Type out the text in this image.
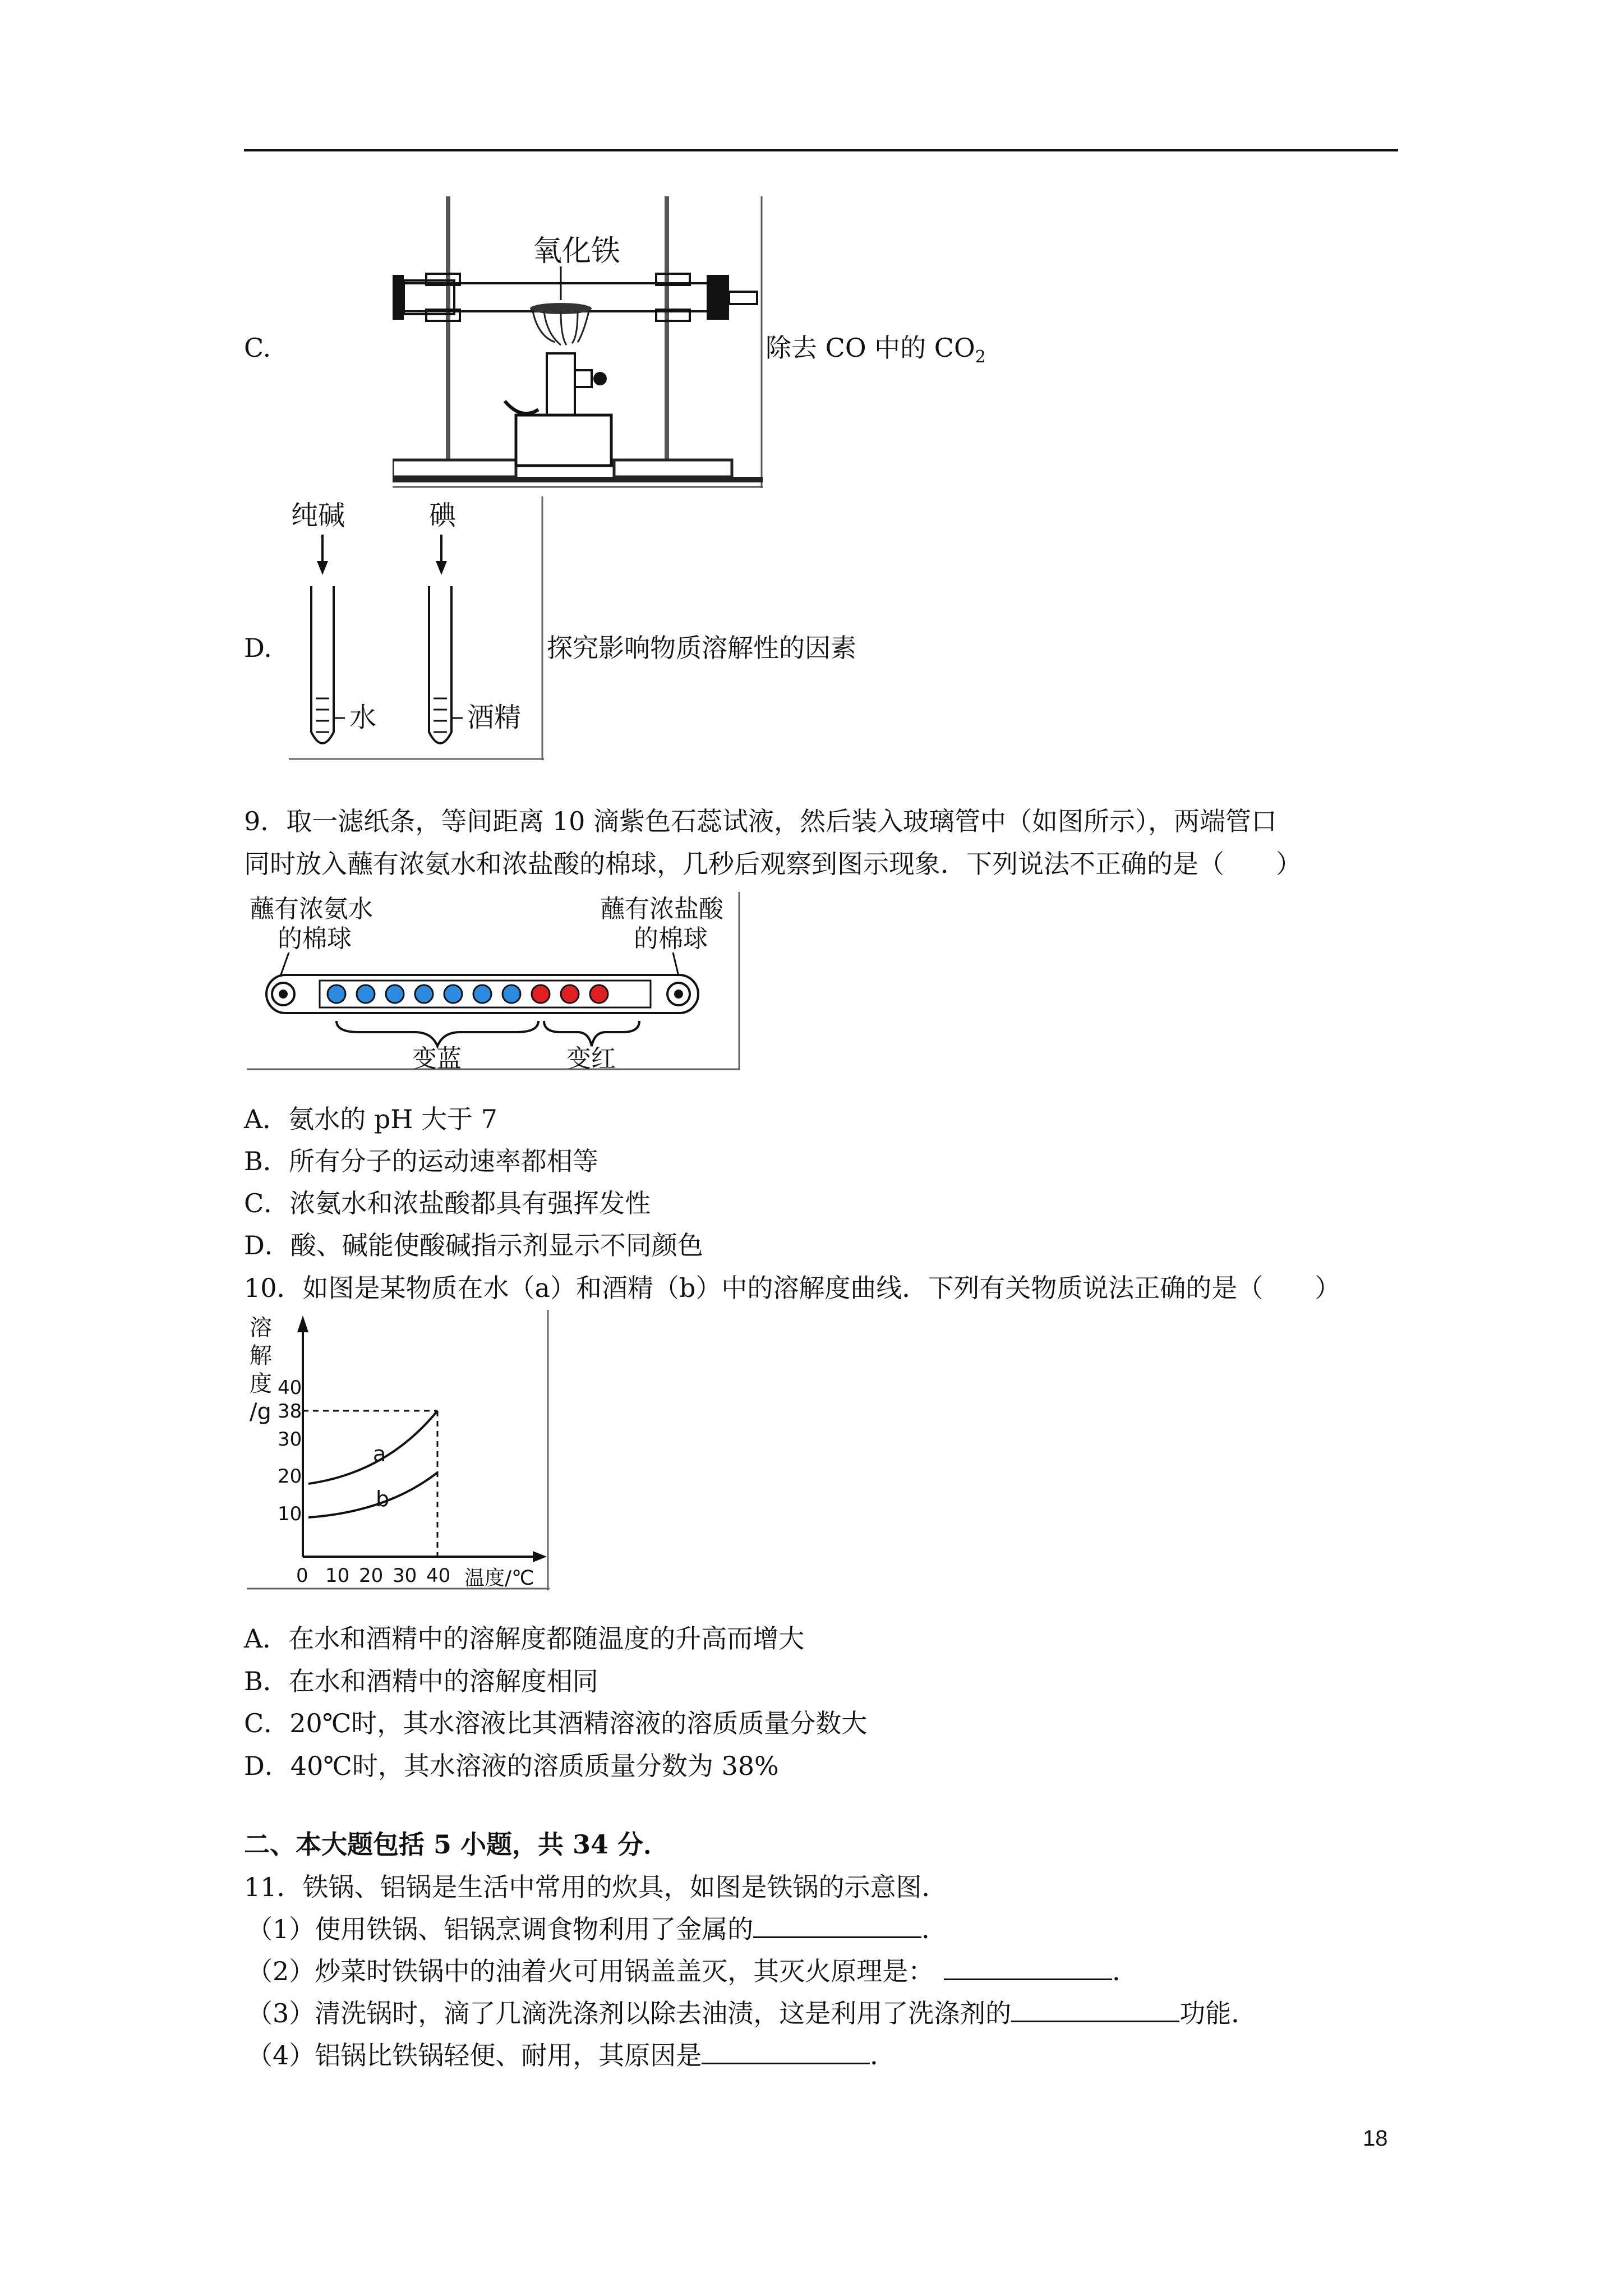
C.
氧化铁
除去 CO 中的 $CO_2$
D.
纯碱	碘
水	酒精
探究影响物质溶解性的因素
9．取一滤纸条，等间距离 10 滴紫色石蕊试液，然后装入玻璃管中（如图所示），两端管口
同时放入蘸有浓氨水和浓盐酸的棉球，几秒后观察到图示现象．下列说法不正确的是（　　）
蘸有浓氨水
的棉球
蘸有浓盐酸
的棉球
变蓝	变红
A．氨水的 pH 大于 7
B．所有分子的运动速率都相等
C．浓氨水和浓盐酸都具有强挥发性
D．酸、碱能使酸碱指示剂显示不同颜色
10．如图是某物质在水（a）和酒精（b）中的溶解度曲线．下列有关物质说法正确的是（　　）
溶
解
度
/g
40
38
30
20
10
0 10 20 30 40
a
b
温度/℃
A．在水和酒精中的溶解度都随温度的升高而增大
B．在水和酒精中的溶解度相同
C．20℃时，其水溶液比其酒精溶液的溶质质量分数大
D．40℃时，其水溶液的溶质质量分数为 38%
二、本大题包括 5 小题，共 34 分．
11．铁锅、铝锅是生活中常用的炊具，如图是铁锅的示意图．
（1）使用铁锅、铝锅烹调食物利用了金属的	．
（2）炒菜时铁锅中的油着火可用锅盖盖灭，其灭火原理是：	．
（3）清洗锅时，滴了几滴洗涤剂以除去油渍，这是利用了洗涤剂的	功能．
（4）铝锅比铁锅轻便、耐用，其原因是	．
18
